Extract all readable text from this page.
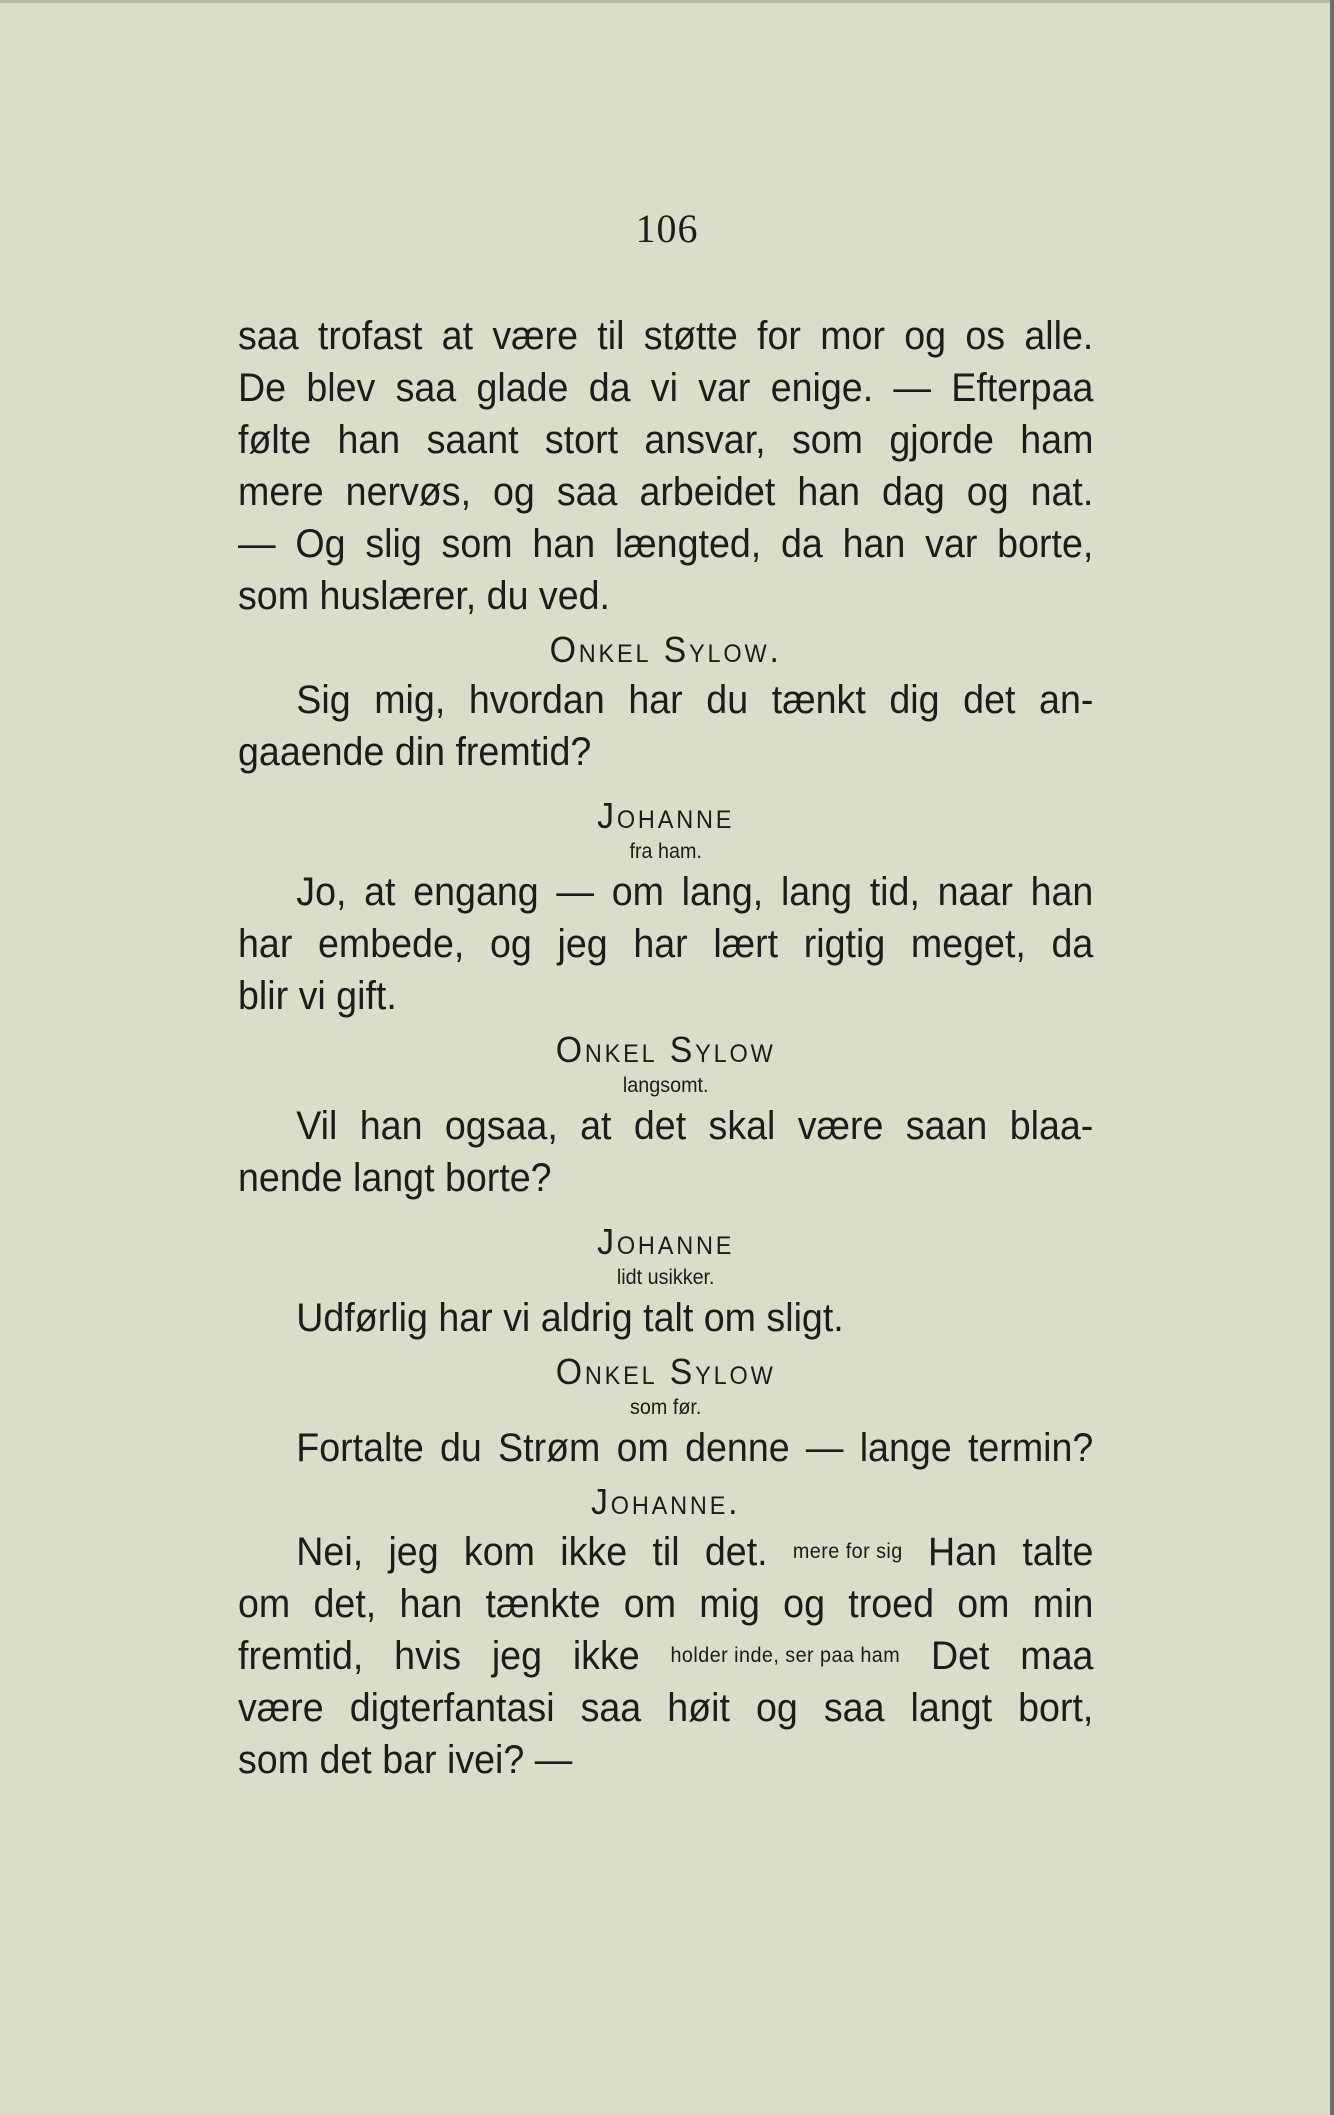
106
saa trofast at være til støtte for mor og os alle.
De blev saa glade da vi var enige. — Efterpaa
følte han saant stort ansvar, som gjorde ham
mere nervøs, og saa arbeidet han dag og nat.
— Og slig som han længted, da han var borte,
som huslærer, du ved.
Onkel Sylow.
Sig mig, hvordan har du tænkt dig det an-
gaaende din fremtid?
Johanne
fra ham.
Jo, at engang — om lang, lang tid, naar han
har embede, og jeg har lært rigtig meget, da
blir vi gift.
Onkel Sylow
langsomt.
Vil han ogsaa, at det skal være saan blaa-
nende langt borte?
Johanne
lidt usikker.
Udførlig har vi aldrig talt om sligt.
Onkel Sylow
som før.
Fortalte du Strøm om denne — lange termin?
Johanne.
Nei, jeg kom ikke til det. mere for sig Han talte
om det, han tænkte om mig og troed om min
fremtid, hvis jeg ikke holder inde, ser paa ham Det maa
være digterfantasi saa høit og saa langt bort,
som det bar ivei? —
